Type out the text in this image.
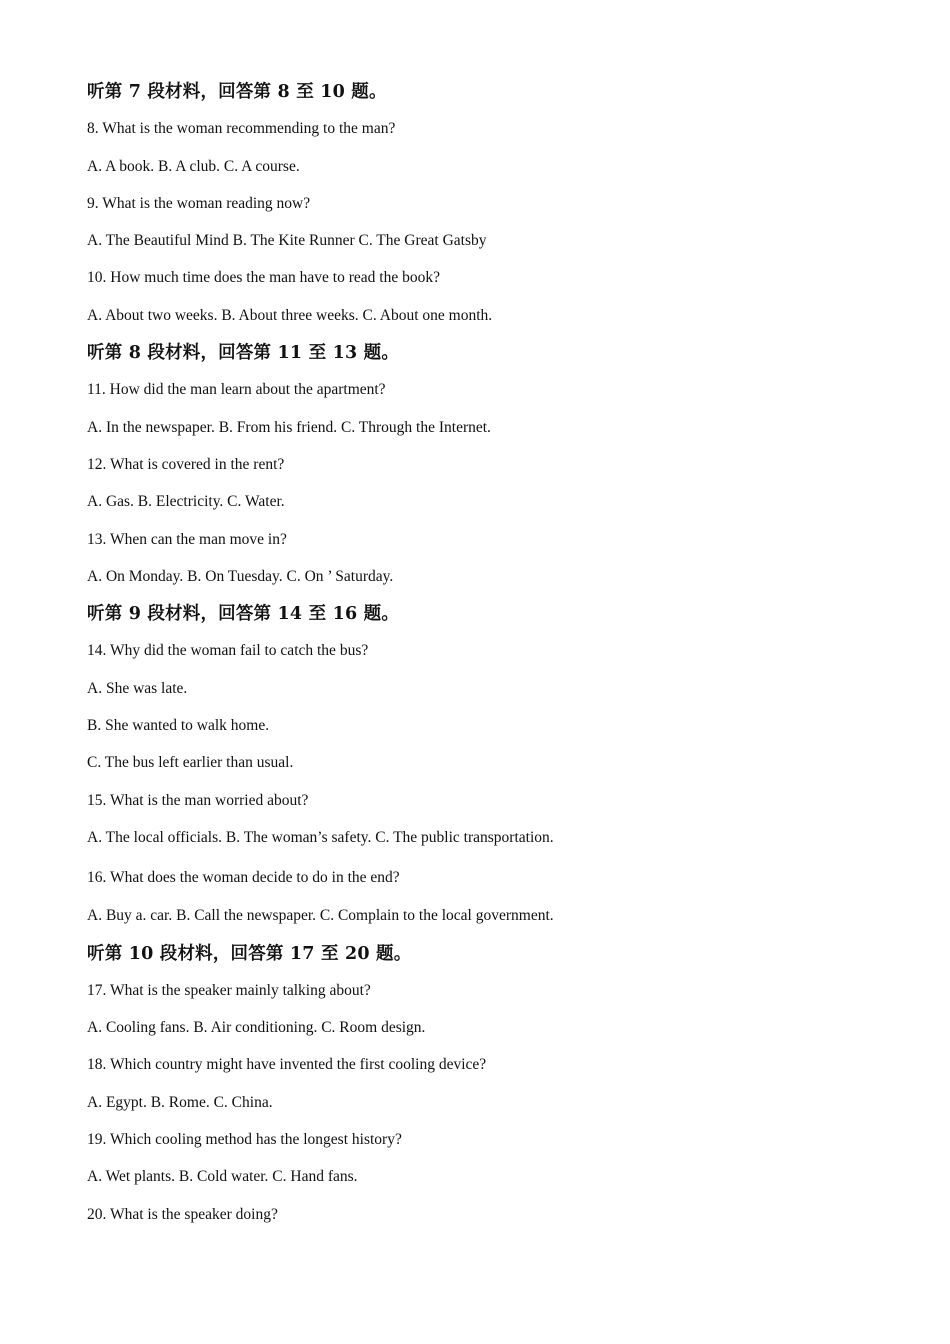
听第 7 段材料，回答第 8 至 10 题。
8. What is the woman recommending to the man?
A. A book. B. A club. C. A course.
9. What is the woman reading now?
A. The Beautiful Mind B. The Kite Runner C. The Great Gatsby
10. How much time does the man have to read the book?
A. About two weeks. B. About three weeks. C. About one month.
听第 8 段材料，回答第 11 至 13 题。
11. How did the man learn about the apartment?
A. In the newspaper. B. From his friend. C. Through the Internet.
12. What is covered in the rent?
A. Gas. B. Electricity. C. Water.
13. When can the man move in?
A. On Monday. B. On Tuesday. C. On ’ Saturday.
听第 9 段材料，回答第 14 至 16 题。
14. Why did the woman fail to catch the bus?
A. She was late.
B. She wanted to walk home.
C. The bus left earlier than usual.
15. What is the man worried about?
A. The local officials. B. The woman’s safety. C. The public transportation.
16. What does the woman decide to do in the end?
A. Buy a. car. B. Call the newspaper. C. Complain to the local government.
听第 10 段材料，回答第 17 至 20 题。
17. What is the speaker mainly talking about?
A. Cooling fans. B. Air conditioning. C. Room design.
18. Which country might have invented the first cooling device?
A. Egypt. B. Rome. C. China.
19. Which cooling method has the longest history?
A. Wet plants. B. Cold water. C. Hand fans.
20. What is the speaker doing?
